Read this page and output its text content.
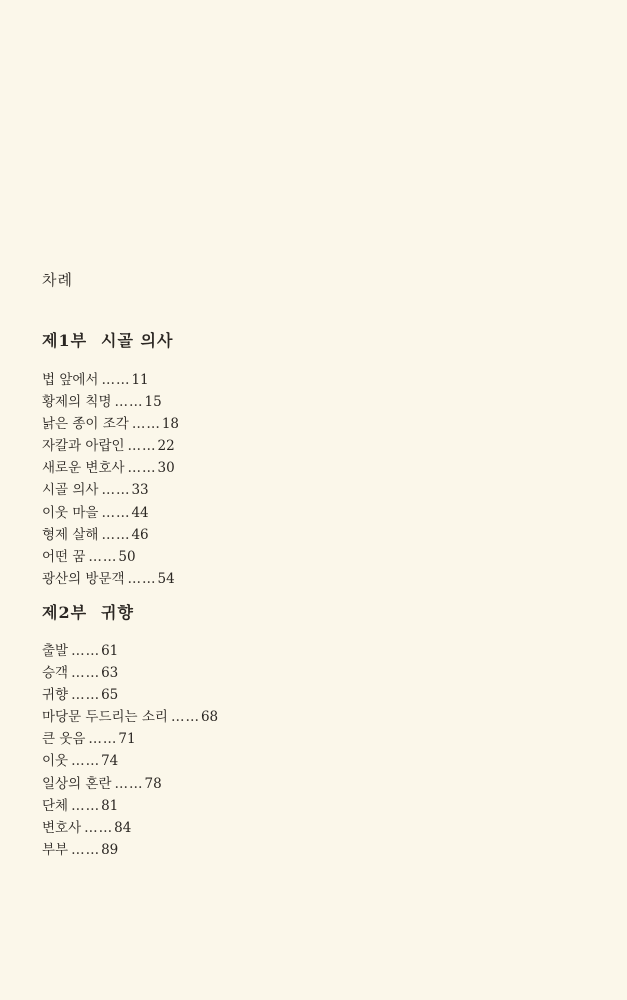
차례
제1부 시골 의사
법 앞에서 ……11
황제의 칙명 ……15
낡은 종이 조각 ……18
자칼과 아랍인 ……22
새로운 변호사 ……30
시골 의사 ……33
이웃 마을 ……44
형제 살해 ……46
어떤 꿈 ……50
광산의 방문객 ……54
제2부 귀향
출발 ……61
승객 ……63
귀향 ……65
마당문 두드리는 소리 ……68
큰 웃음 ……71
이웃 ……74
일상의 혼란 ……78
단체 ……81
변호사 ……84
부부 ……89
